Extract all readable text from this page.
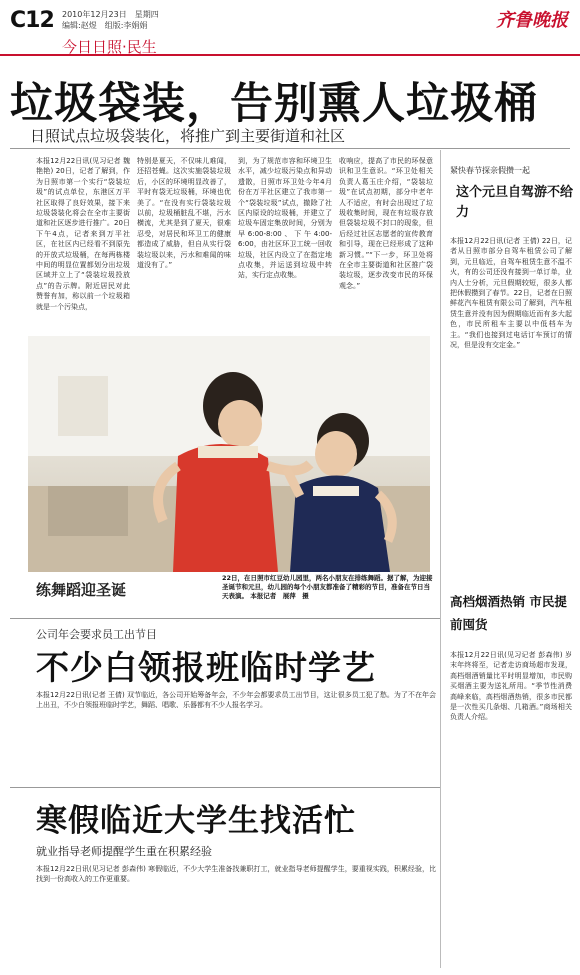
C12 2010年12月23日　星期四
编辑:赵煜　组版:李娟娟	齐鲁晚报
今日日照·民生
垃圾袋装，告别熏人垃圾桶
日照试点垃圾袋装化，将推广到主要街道和社区
本报12月22日讯(见习记者 魏艳艳) 20日，记者了解到，作为日照市第一个实行“袋装垃圾”的试点单位，东港区万平社区取得了良好效果，接下来垃圾袋装化将会在全市主要街道和社区逐步进行推广。20日下午4点，记者来到万平社区，在社区内已经看不到原先的开放式垃圾桶，在每两栋楼中间的明显位置都划分出垃圾区域并立上了“袋装垃圾投放点”的告示牌。附近居民对此赞誉有加，称以前一个垃圾箱就是一个污染点，
特别是夏天，不仅味儿难闻，还招苍蝇。这次实施袋装垃圾后，小区的环境明显改善了，平时有袋无垃圾桶，环境也优美了。“在没有实行袋装垃圾以前，垃圾桶脏乱不堪，污水横流，尤其是到了夏天，很难忍受，对居民和环卫工的健康都造成了威胁，但自从实行袋装垃圾以来，污水和难闻的味道没有了。”
到，为了规范市容和环境卫生水平，减少垃圾污染点和异动遗散，日照市环卫处今年4月份在万平社区建立了我市第一个“袋装垃圾”试点，撤除了社区内原设的垃圾桶，并建立了垃圾车固定集放时间，分别为早6:00-8:00、下午4:00-6:00，由社区环卫工统一回收垃圾，社区内设立了在指定地点收集，并运送到垃圾中转站，实行定点收集。
收响应，提高了市民的环保意识和卫生意识。“环卫处相关负责人葛玉庄介绍，“袋装垃圾”在试点初期，部分中老年人不适应，有时会出现过了垃圾收集时间，现在有垃圾存放但袋装垃圾不封口的现象，但后经过社区志愿者的宣传教育和引导，现在已经形成了这种新习惯。”“下一步，环卫处将在全市主要街道和社区推广袋装垃圾，逐步改变市民的环保观念。”
练舞蹈迎圣诞
22日，在日照市红豆幼儿园里，两名小朋友在排练舞蹈。据了解，为迎接圣诞节和元旦，幼儿园的每个小朋友都准备了精彩的节目，准备在节日当天表演。 本报记者　展萍　摄
紧快春节探亲假攒一起
这个元旦自驾游不给力
本报12月22日讯(记者 王倩) 22日，记者从日照市部分自驾车租赁公司了解到，元旦临近，自驾车租赁生意不温不火，有的公司还没有接到一单订单，业内人士分析，元旦假期较短，很多人都把休假攒到了春节。22日，记者在日照鲜花汽车租赁有限公司了解到，汽车租赁生意并没有因为假期临近而有多大起色，市民所租车主要以中低档车为主。“我们也接到过电话订车预订的情况，但是没有交定金。”
高档烟酒热销 市民提前囤货
本报12月22日讯(见习记者 彭森伟) 岁末年终将至，记者走访商场超市发现，高档烟酒销量比平时明显增加，市民购买烟酒主要为送礼所用。“季节性消费高峰来临，高档烟酒热销，很多市民都是一次性买几条烟、几箱酒。”商场相关负责人介绍。
公司年会要求员工出节目
不少白领报班临时学艺
本报12月22日讯(记者 王倩) 双节临近，各公司开始筹备年会，不少年会都要求员工出节目，这让很多员工犯了愁。为了不在年会上出丑，不少白领报班临时学艺，舞蹈、唱歌、乐器都有不少人报名学习。
寒假临近大学生找活忙
就业指导老师提醒学生重在积累经验
本报12月22日讯(见习记者 彭森伟) 寒假临近，不少大学生准备找兼职打工，就业指导老师提醒学生，要重视实践，积累经验，比找到一份高收入的工作更重要。
